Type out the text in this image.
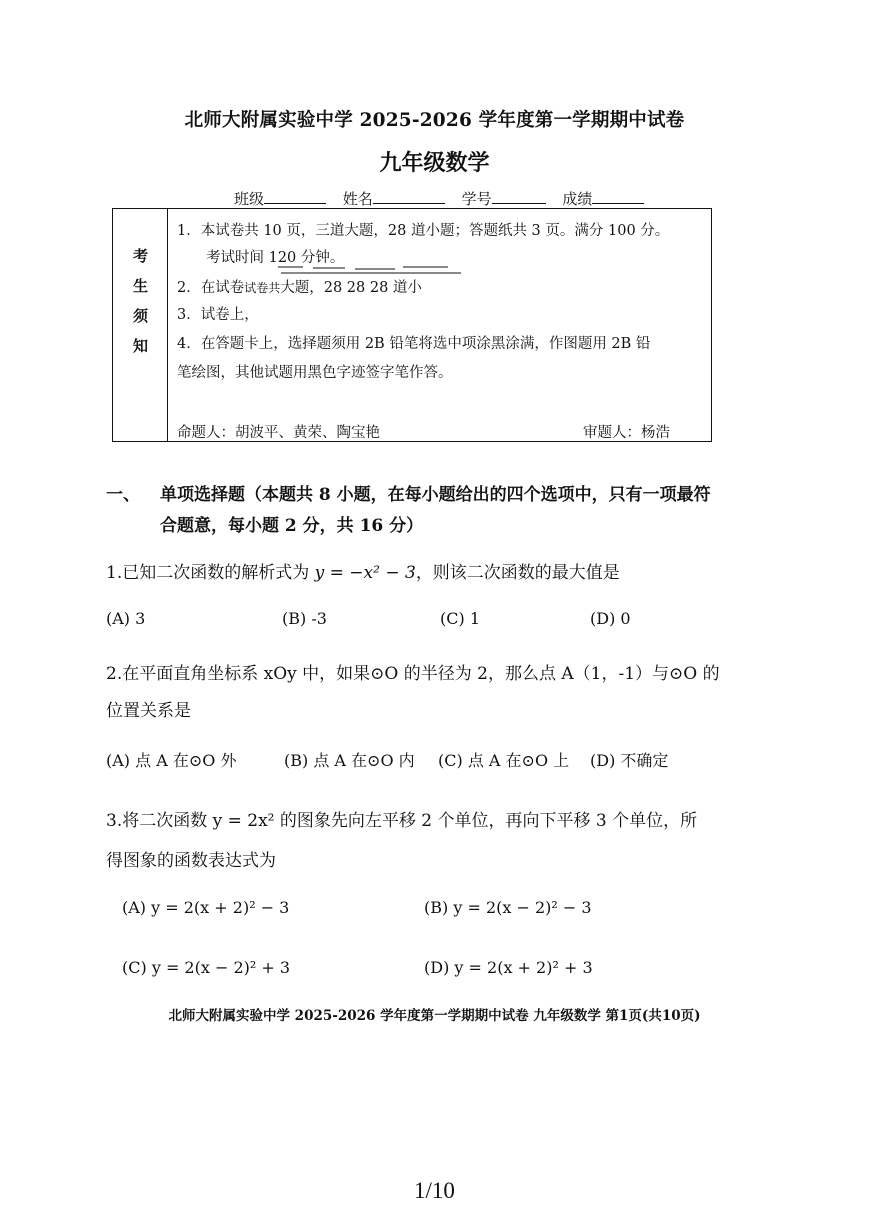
北师大附属实验中学 2025-2026 学年度第一学期期中试卷
九年级数学
班级	姓名	学号	成绩
考
生
须
知
1．本试卷共 10 页，三道大题，28 道小题；答题纸共 3 页。满分 100 分。
考试时间 120 分钟。
2．在试卷试卷共大题，28 28 28 道小
3．试卷上，
4．在答题卡上，选择题须用 2B 铅笔将选中项涂黑涂满，作图题用 2B 铅
笔绘图，其他试题用黑色字迹签字笔作答。
命题人：胡波平、黄荣、陶宝艳	审题人：杨浩
一、 单项选择题（本题共 8 小题，在每小题给出的四个选项中，只有一项最符合题意，每小题 2 分，共 16 分）
1.已知二次函数的解析式为 y = −x² − 3，则该二次函数的最大值是
(A) 3	(B) -3	(C) 1	(D) 0
2.在平面直角坐标系 xOy 中，如果⊙O 的半径为 2，那么点 A（1，-1）与⊙O 的
位置关系是
(A) 点 A 在⊙O 外	(B) 点 A 在⊙O 内 (C) 点 A 在⊙O 上 (D) 不确定
3.将二次函数 y = 2x² 的图象先向左平移 2 个单位，再向下平移 3 个单位，所
得图象的函数表达式为
(A) y = 2(x + 2)² − 3	(B) y = 2(x − 2)² − 3
(C) y = 2(x − 2)² + 3	(D) y = 2(x + 2)² + 3
北师大附属实验中学 2025-2026 学年度第一学期期中试卷 九年级数学 第1页(共10页)
1/10
